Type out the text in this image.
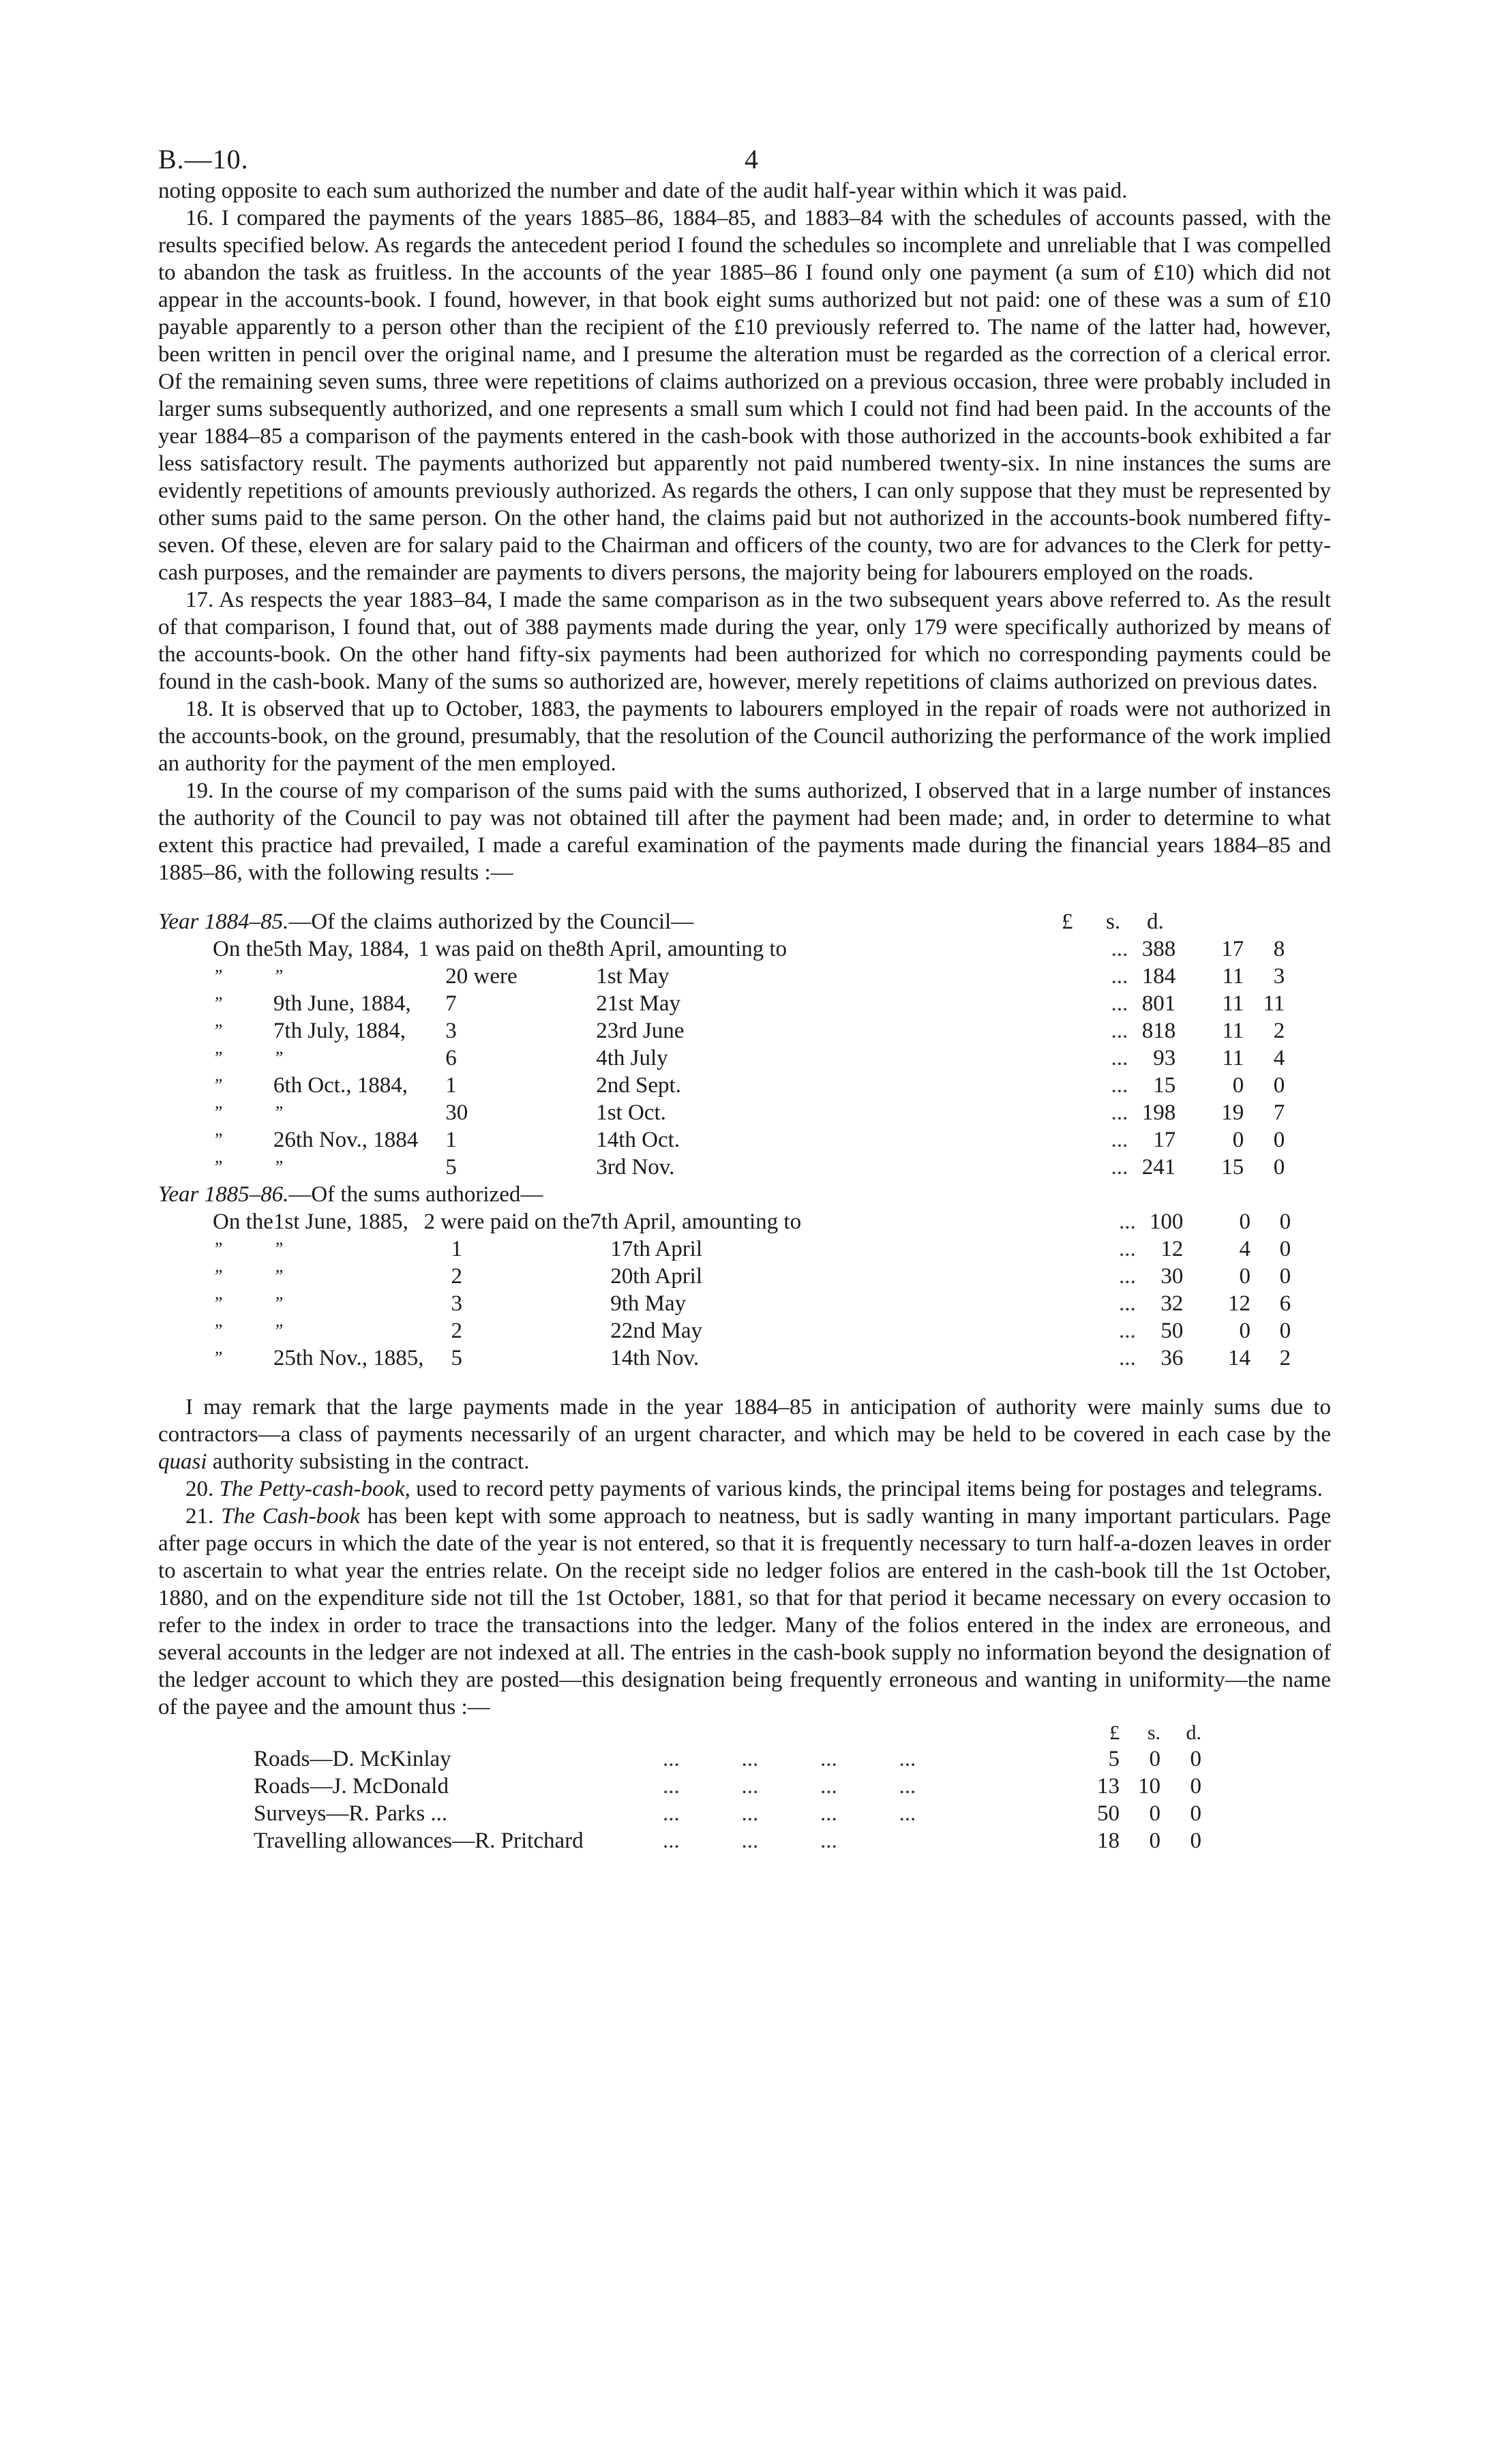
B.—10.	4

noting opposite to each sum authorized the number and date of the audit half-year within which it was paid.

16. I compared the payments of the years 1885–86, 1884–85, and 1883–84 with the schedules of accounts passed, with the results specified below. As regards the antecedent period I found the schedules so incomplete and unreliable that I was compelled to abandon the task as fruitless. In the accounts of the year 1885–86 I found only one payment (a sum of £10) which did not appear in the accounts-book. I found, however, in that book eight sums authorized but not paid: one of these was a sum of £10 payable apparently to a person other than the recipient of the £10 previously referred to. The name of the latter had, however, been written in pencil over the original name, and I presume the alteration must be regarded as the correction of a clerical error. Of the remaining seven sums, three were repetitions of claims authorized on a previous occasion, three were probably included in larger sums subsequently authorized, and one represents a small sum which I could not find had been paid. In the accounts of the year 1884–85 a comparison of the payments entered in the cash-book with those authorized in the accounts-book exhibited a far less satisfactory result. The payments authorized but apparently not paid numbered twenty-six. In nine instances the sums are evidently repetitions of amounts previously authorized. As regards the others, I can only suppose that they must be represented by other sums paid to the same person. On the other hand, the claims paid but not authorized in the accounts-book numbered fifty-seven. Of these, eleven are for salary paid to the Chairman and officers of the county, two are for advances to the Clerk for petty-cash purposes, and the remainder are payments to divers persons, the majority being for labourers employed on the roads.

17. As respects the year 1883–84, I made the same comparison as in the two subsequent years above referred to. As the result of that comparison, I found that, out of 388 payments made during the year, only 179 were specifically authorized by means of the accounts-book. On the other hand fifty-six payments had been authorized for which no corresponding payments could be found in the cash-book. Many of the sums so authorized are, however, merely repetitions of claims authorized on previous dates.

18. It is observed that up to October, 1883, the payments to labourers employed in the repair of roads were not authorized in the accounts-book, on the ground, presumably, that the resolution of the Council authorizing the performance of the work implied an authority for the payment of the men employed.

19. In the course of my comparison of the sums paid with the sums authorized, I observed that in a large number of instances the authority of the Council to pay was not obtained till after the payment had been made; and, in order to determine to what extent this practice had prevailed, I made a careful examination of the payments made during the financial years 1884–85 and 1885–86, with the following results :—

Year 1884–85.—Of the claims authorized by the Council—	£ s. d.
On the	5th May, 1884,	1 was paid on the	8th April, amounting to	...	388	17	8
”	”	20 were	1st May	...	184	11	3
”	9th June, 1884,	7	21st May	...	801	11	11
”	7th July, 1884,	3	23rd June	...	818	11	2
”	”	6	4th July	...	93	11	4
”	6th Oct., 1884,	1	2nd Sept.	...	15	0	0
”	”	30	1st Oct.	...	198	19	7
”	26th Nov., 1884	1	14th Oct.	...	17	0	0
”	”	5	3rd Nov.	...	241	15	0
Year 1885–86.—Of the sums authorized—
On the	1st June, 1885,	2 were paid on the	7th April, amounting to	...	100	0	0
”	”	1	17th April	...	12	4	0
”	”	2	20th April	...	30	0	0
”	”	3	9th May	...	32	12	6
”	”	2	22nd May	...	50	0	0
”	25th Nov., 1885,	5	14th Nov.	...	36	14	2

I may remark that the large payments made in the year 1884–85 in anticipation of authority were mainly sums due to contractors—a class of payments necessarily of an urgent character, and which may be held to be covered in each case by the quasi authority subsisting in the contract.

20. The Petty-cash-book, used to record petty payments of various kinds, the principal items being for postages and telegrams.

21. The Cash-book has been kept with some approach to neatness, but is sadly wanting in many important particulars. Page after page occurs in which the date of the year is not entered, so that it is frequently necessary to turn half-a-dozen leaves in order to ascertain to what year the entries relate. On the receipt side no ledger folios are entered in the cash-book till the 1st October, 1880, and on the expenditure side not till the 1st October, 1881, so that for that period it became necessary on every occasion to refer to the index in order to trace the transactions into the ledger. Many of the folios entered in the index are erroneous, and several accounts in the ledger are not indexed at all. The entries in the cash-book supply no information beyond the designation of the ledger account to which they are posted—this designation being frequently erroneous and wanting in uniformity—the name of the payee and the amount thus :—

		£	s.	d.
Roads—D. McKinlay	...           ...           ...           ...	5	0	0
Roads—J. McDonald	...           ...           ...           ...	13	10	0
Surveys—R. Parks ...	...           ...           ...           ...	50	0	0
Travelling allowances—R. Pritchard	...           ...           ...	18	0	0
